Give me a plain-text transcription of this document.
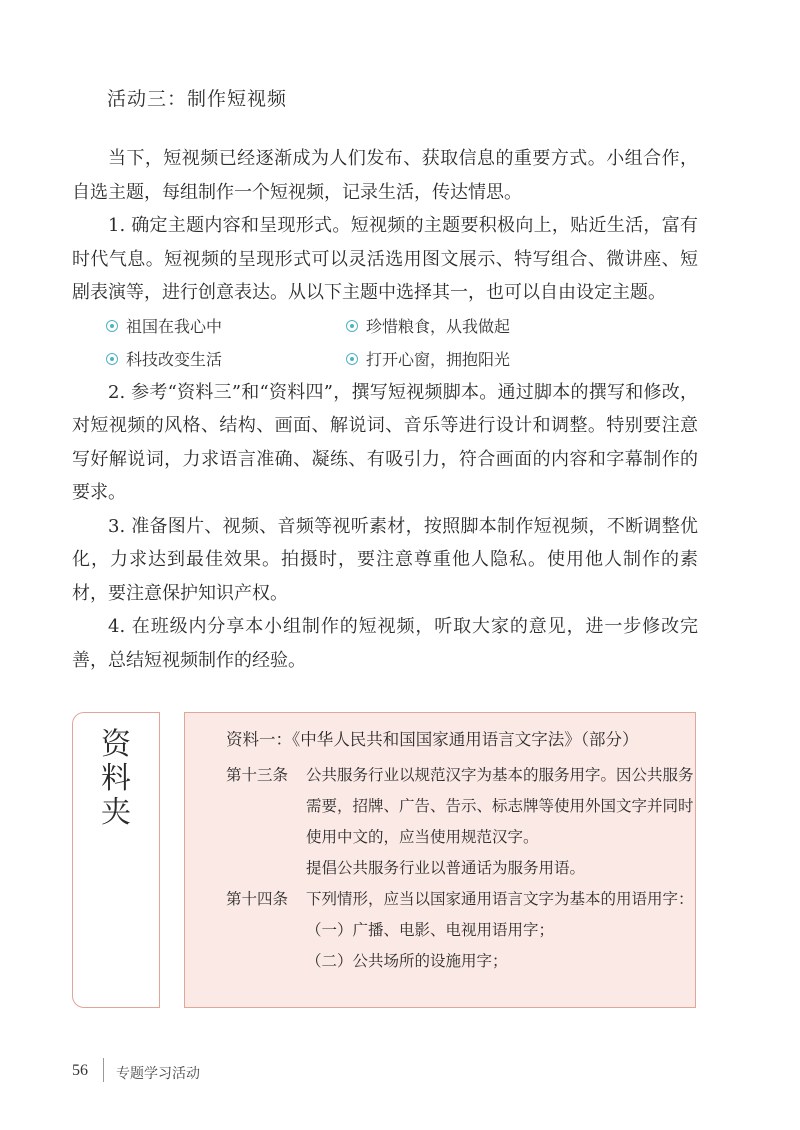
活动三：制作短视频

当下，短视频已经逐渐成为人们发布、获取信息的重要方式。小组合作，自选主题，每组制作一个短视频，记录生活，传达情思。

1. 确定主题内容和呈现形式。短视频的主题要积极向上，贴近生活，富有时代气息。短视频的呈现形式可以灵活选用图文展示、特写组合、微讲座、短剧表演等，进行创意表达。从以下主题中选择其一，也可以自由设定主题。

祖国在我心中	珍惜粮食，从我做起
科技改变生活	打开心窗，拥抱阳光

2. 参考“资料三”和“资料四”，撰写短视频脚本。通过脚本的撰写和修改，对短视频的风格、结构、画面、解说词、音乐等进行设计和调整。特别要注意写好解说词，力求语言准确、凝练、有吸引力，符合画面的内容和字幕制作的要求。

3. 准备图片、视频、音频等视听素材，按照脚本制作短视频，不断调整优化，力求达到最佳效果。拍摄时，要注意尊重他人隐私。使用他人制作的素材，要注意保护知识产权。

4. 在班级内分享本小组制作的短视频，听取大家的意见，进一步修改完善，总结短视频制作的经验。

资
料
夹
资料一：《中华人民共和国国家通用语言文字法》（部分）
第十三条	公共服务行业以规范汉字为基本的服务用字。因公共服务需要，招牌、广告、告示、标志牌等使用外国文字并同时使用中文的，应当使用规范汉字。

提倡公共服务行业以普通话为服务用语。

第十四条	下列情形，应当以国家通用语言文字为基本的用语用字：

（一）广播、电影、电视用语用字；

（二）公共场所的设施用字；

56 专题学习活动
